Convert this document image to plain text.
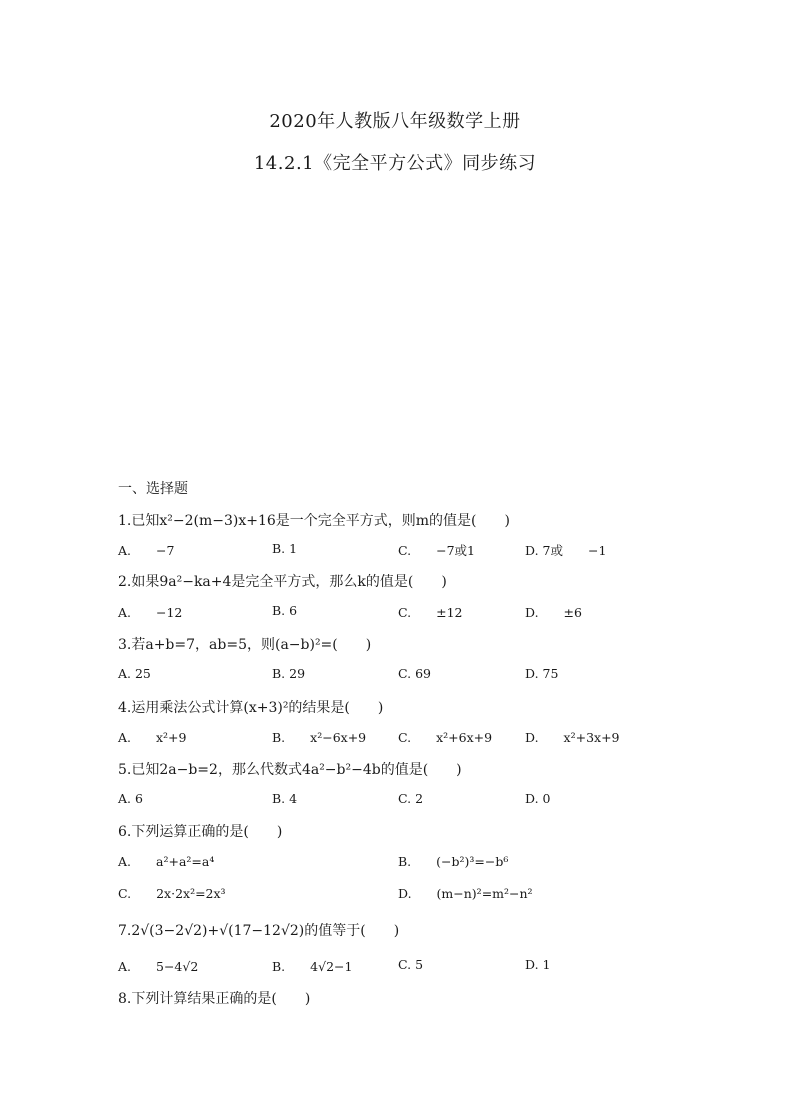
2020年人教版八年级数学上册
14.2.1《完全平方公式》同步练习
一、选择题
1.已知x²−2(m−3)x+16是一个完全平方式，则m的值是(　　)
A.　　−7	B. 1	C.　　−7或1	D. 7或　　−1
2.如果9a²−ka+4是完全平方式，那么k的值是(　　)
A.　　−12	B. 6	C.　　±12	D.　　±6
3.若a+b=7，ab=5，则(a−b)²=(　　)
A. 25	B. 29	C. 69	D. 75
4.运用乘法公式计算(x+3)²的结果是(　　)
A.　　x²+9	B.　　x²−6x+9	C.　　x²+6x+9	D.　　x²+3x+9
5.已知2a−b=2，那么代数式4a²−b²−4b的值是(　　)
A. 6	B. 4	C. 2	D. 0
6.下列运算正确的是(　　)
A.　　a²+a²=a⁴	B.　　(−b²)³=−b⁶
C.　　2x·2x²=2x³	D.　　(m−n)²=m²−n²
7.2√(3−2√2)+√(17−12√2)的值等于(　　)
A.　　5−4√2	B.　　4√2−1	C. 5	D. 1
8.下列计算结果正确的是(　　)
